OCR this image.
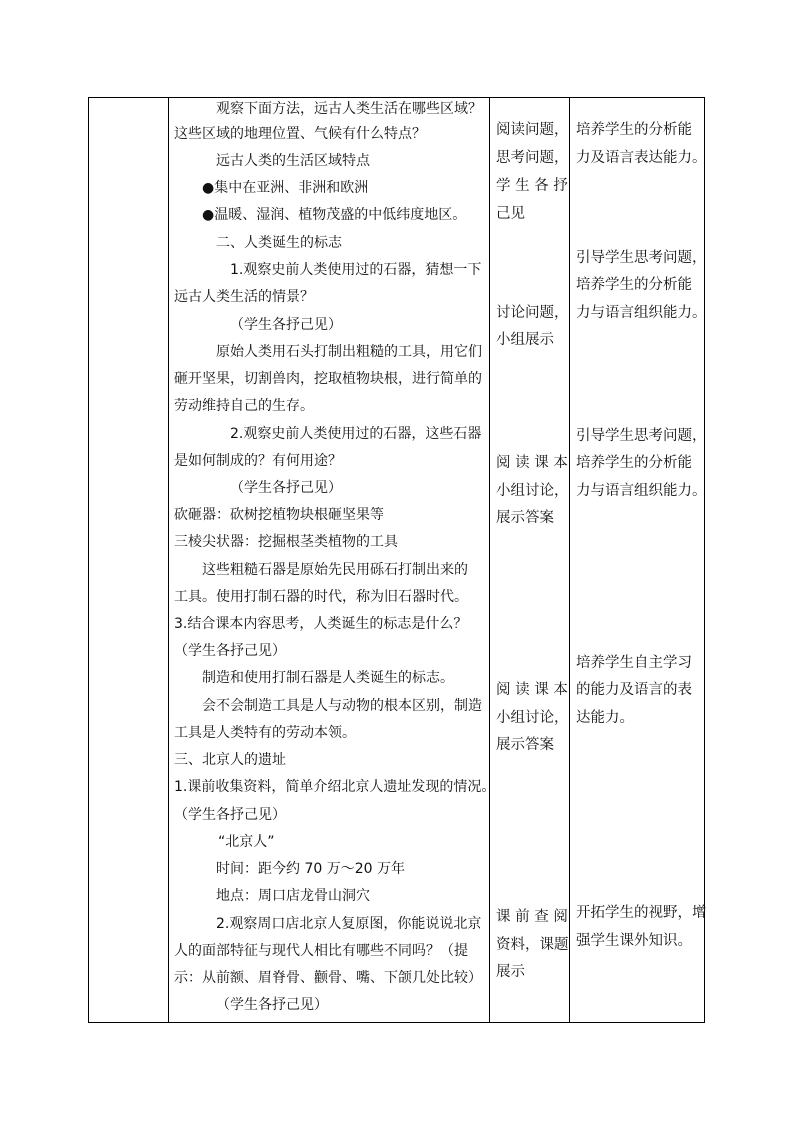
观察下面方法，远古人类生活在哪些区域？
这些区域的地理位置、气候有什么特点？
远古人类的生活区域特点
●集中在亚洲、非洲和欧洲
●温暖、湿润、植物茂盛的中低纬度地区。
二、人类诞生的标志
1.观察史前人类使用过的石器，猜想一下
远古人类生活的情景？
（学生各抒己见）
原始人类用石头打制出粗糙的工具，用它们
砸开坚果，切割兽肉，挖取植物块根，进行简单的
劳动维持自己的生存。
2.观察史前人类使用过的石器，这些石器
是如何制成的？有何用途？
（学生各抒己见）
砍砸器：砍树挖植物块根砸坚果等
三棱尖状器：挖掘根茎类植物的工具
这些粗糙石器是原始先民用砾石打制出来的
工具。使用打制石器的时代，称为旧石器时代。
3.结合课本内容思考，人类诞生的标志是什么？
（学生各抒己见）
制造和使用打制石器是人类诞生的标志。
会不会制造工具是人与动物的根本区别，制造
工具是人类特有的劳动本领。
三、北京人的遗址
1.课前收集资料，简单介绍北京人遗址发现的情况。
（学生各抒己见）
“北京人”
时间：距今约 70 万～20 万年
地点：周口店龙骨山洞穴
2.观察周口店北京人复原图，你能说说北京
人的面部特征与现代人相比有哪些不同吗？（提
示：从前额、眉脊骨、颧骨、嘴、下颌几处比较）
（学生各抒己见）
阅读问题，
思考问题，
学 生 各 抒
己见
讨论问题，
小组展示
阅 读 课 本
小组讨论，
展示答案
阅 读 课 本
小组讨论，
展示答案
课 前 查 阅
资料，课题
展示
培养学生的分析能
力及语言表达能力。
引导学生思考问题，
培养学生的分析能
力与语言组织能力。
引导学生思考问题，
培养学生的分析能
力与语言组织能力。
培养学生自主学习
的能力及语言的表
达能力。
开拓学生的视野，增
强学生课外知识。
